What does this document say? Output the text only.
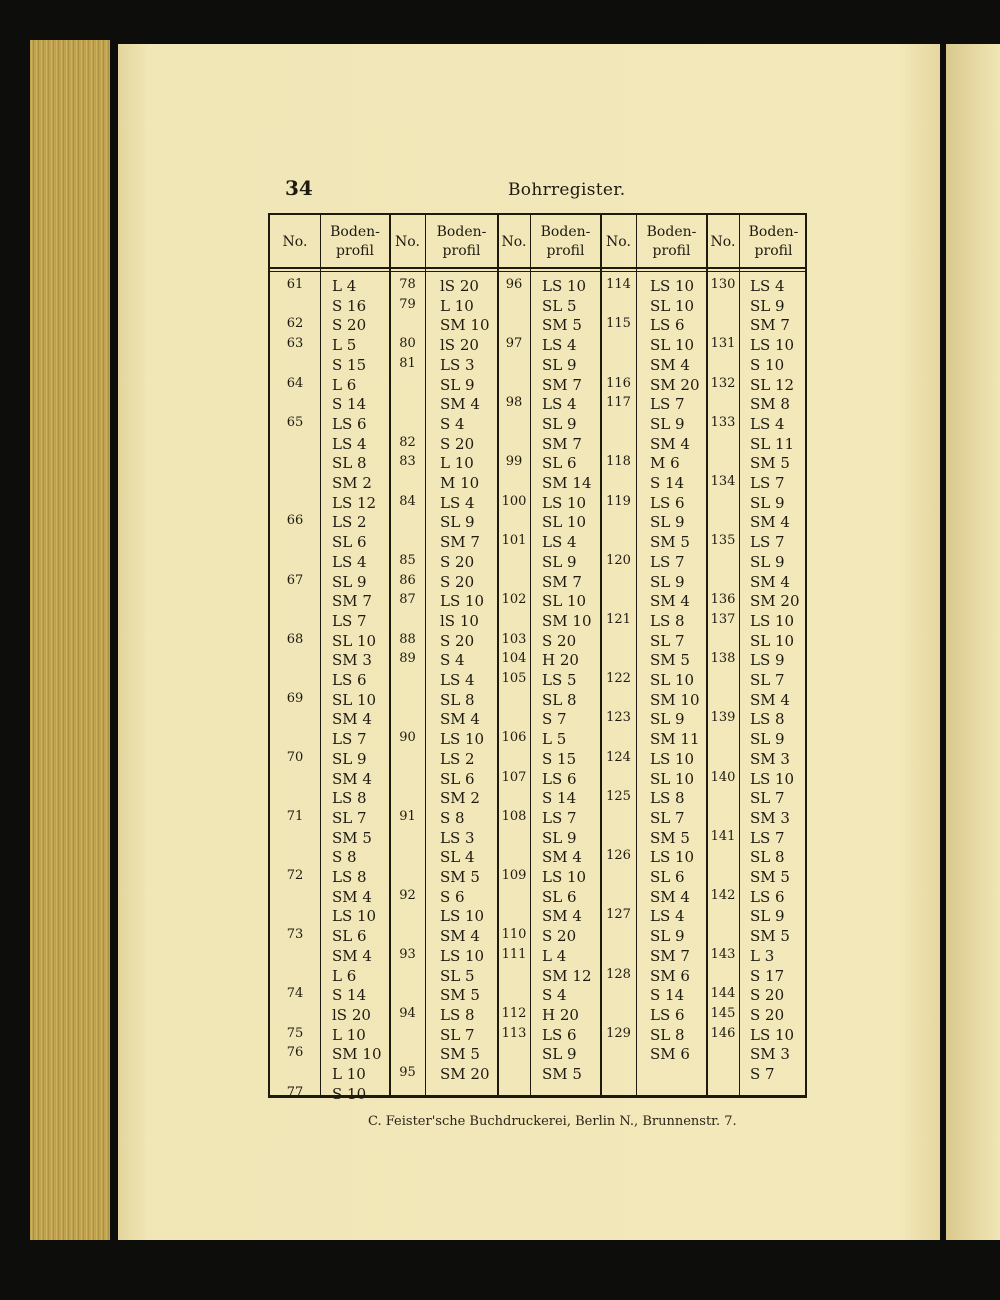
34	Bohrregister.
No.
Boden-
profil
No.
Boden-
profil
No.
Boden-
profil
No.
Boden-
profil
No.
Boden-
profil
61
62
63
64
65
66
67
68
69
70
71
72
73
74
75
76
77
L 4
S 16
S 20
L 5
S 15
L 6
S 14
LS 6
LS 4
SL 8
SM 2
LS 12
LS 2
SL 6
LS 4
SL 9
SM 7
LS 7
SL 10
SM 3
LS 6
SL 10
SM 4
LS 7
SL 9
SM 4
LS 8
SL 7
SM 5
S 8
LS 8
SM 4
LS 10
SL 6
SM 4
L 6
S 14
lS 20
L 10
SM 10
L 10
S 10
78
79
80
81
82
83
84
85
86
87
88
89
90
91
92
93
94
95
lS 20
L 10
SM 10
lS 20
LS 3
SL 9
SM 4
S 4
S 20
L 10
M 10
LS 4
SL 9
SM 7
S 20
S 20
LS 10
lS 10
S 20
S 4
LS 4
SL 8
SM 4
LS 10
LS 2
SL 6
SM 2
S 8
LS 3
SL 4
SM 5
S 6
LS 10
SM 4
LS 10
SL 5
SM 5
LS 8
SL 7
SM 5
SM 20
96
97
98
99
100
101
102
103
104
105
106
107
108
109
110
111
112
113
LS 10
SL 5
SM 5
LS 4
SL 9
SM 7
LS 4
SL 9
SM 7
SL 6
SM 14
LS 10
SL 10
LS 4
SL 9
SM 7
SL 10
SM 10
S 20
H 20
LS 5
SL 8
S 7
L 5
S 15
LS 6
S 14
LS 7
SL 9
SM 4
LS 10
SL 6
SM 4
S 20
L 4
SM 12
S 4
H 20
LS 6
SL 9
SM 5
114
115
116
117
118
119
120
121
122
123
124
125
126
127
128
129
LS 10
SL 10
LS 6
SL 10
SM 4
SM 20
LS 7
SL 9
SM 4
M 6
S 14
LS 6
SL 9
SM 5
LS 7
SL 9
SM 4
LS 8
SL 7
SM 5
SL 10
SM 10
SL 9
SM 11
LS 10
SL 10
LS 8
SL 7
SM 5
LS 10
SL 6
SM 4
LS 4
SL 9
SM 7
SM 6
S 14
LS 6
SL 8
SM 6
130
131
132
133
134
135
136
137
138
139
140
141
142
143
144
145
146
LS 4
SL 9
SM 7
LS 10
S 10
SL 12
SM 8
LS 4
SL 11
SM 5
LS 7
SL 9
SM 4
LS 7
SL 9
SM 4
SM 20
LS 10
SL 10
LS 9
SL 7
SM 4
LS 8
SL 9
SM 3
LS 10
SL 7
SM 3
LS 7
SL 8
SM 5
LS 6
SL 9
SM 5
L 3
S 17
S 20
S 20
LS 10
SM 3
S 7
C. Feister'sche Buchdruckerei, Berlin N., Brunnenstr. 7.
